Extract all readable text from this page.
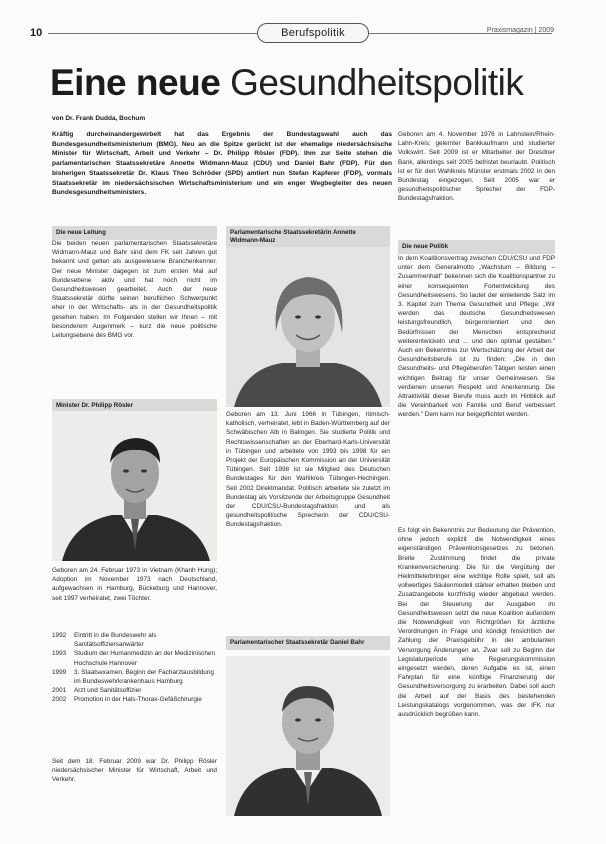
10	Berufspolitik	Praxismagazin | 2009
Eine neue Gesundheitspolitik
von Dr. Frank Dudda, Bochum
Kräftig durcheinandergewirbelt hat das Ergebnis der Bundestagswahl auch das Bundesgesundheitsministerium (BMG). Neu an die Spitze gerückt ist der ehemalige niedersächsische Minister für Wirtschaft, Arbeit und Verkehr – Dr. Philipp Rösler (FDP). Ihm zur Seite stehen die parlamentarischen Staatssekretäre Annette Widmann-Mauz (CDU) und Daniel Bahr (FDP). Für den bisherigen Staatssekretär Dr. Klaus Theo Schröder (SPD) amtiert nun Stefan Kapferer (FDP), vormals Staatssekretär im niedersächsischen Wirtschaftsministerium und ein enger Wegbegleiter des neuen Bundesgesundheitsministers.
Die neue Leitung
Die beiden neuen parlamentarischen Staatssekretäre Widmann-Mauz und Bahr sind dem FK seit Jahren gut bekannt und gelten als ausgewiesene Branchenkenner. Der neue Minister dagegen ist zum ersten Mal auf Bundesebene aktiv und hat noch nicht im Gesundheitswesen gearbeitet. Auch der neue Staatssekretär dürfte seinen beruflichen Schwerpunkt eher in der Wirtschafts- als in der Gesundheitspolitik gesehen haben. Im Folgenden stellen wir Ihnen – mit besonderem Augenmerk – kurz die neue politische Leitungsebene des BMG vor.
Minister Dr. Philipp Rösler
Geboren am 24. Februar 1973 in Vietnam (Khanh Hung); Adoption im November 1973 nach Deutschland, aufgewachsen in Hamburg, Bückeburg und Hannover, seit 1997 verheiratet, zwei Töchter.
1992	Eintritt in die Bundeswehr als Sanitätsoffiziersanwärter
1993	Studium der Humanmedizin an der Medizinischen Hochschule Hannover
1999	3. Staatsexamen, Beginn der Facharztausbildung im Bundeswehrkrankenhaus Hamburg
2001	Arzt und Sanitätsoffizier
2002	Promotion in der Hals-Thorax-Gefäßchirurgie
Seit dem 18. Februar 2009 war Dr. Philipp Rösler niedersächsischer Minister für Wirtschaft, Arbeit und Verkehr.
Parlamentarische Staatssekretärin Annette Widmann-Mauz
Geboren am 13. Juni 1966 in Tübingen, römisch-katholisch, verheiratet, lebt in Baden-Württemberg auf der Schwäbischen Alb in Balingen. Sie studierte Politik und Rechtswissenschaften an der Eberhard-Karls-Universität in Tübingen und arbeitete von 1993 bis 1998 für ein Projekt der Europäischen Kommission an der Universität Tübingen. Seit 1998 ist sie Mitglied des Deutschen Bundestages für den Wahlkreis Tübingen-Hechingen. Seit 2002 Direktmandat. Politisch arbeitete sie zuletzt im Bundestag als Vorsitzende der Arbeitsgruppe Gesundheit der CDU/CSU-Bundestagsfraktion und als gesundheitspolitische Sprecherin der CDU/CSU-Bundestagsfraktion.
Parlamentarischer Staatssekretär Daniel Bahr
Geboren am 4. November 1976 in Lahnstein/Rhein-Lahn-Kreis; gelernter Bankkaufmann und studierter Volkswirt. Seit 2009 ist er Mitarbeiter der Dresdner Bank, allerdings seit 2005 befristet beurlaubt. Politisch ist er für den Wahlkreis Münster erstmals 2002 in den Bundestag eingezogen. Seit 2005 war er gesundheitspolitischer Sprecher der FDP-Bundestagsfraktion.
Die neue Politik
In dem Koalitionsvertrag zwischen CDU/CSU und FDP unter dem Generalmotto „Wachstum – Bildung – Zusammenhalt" bekennen sich die Koalitionspartner zu einer konsequenten Fortentwicklung des Gesundheitswesens. So lautet der einleitende Satz im 3. Kapitel zum Thema Gesundheit und Pflege: „Wir werden das deutsche Gesundheitswesen leistungsfreundlich, bürgerorientiert und den Bedürfnissen der Menschen entsprechend weiterentwickeln und ... und den optimal gestalten." Auch ein Bekenntnis zur Wertschätzung der Arbeit der Gesundheitsberufe ist zu finden: „Die in den Gesundheits- und Pflegeberufen Tätigen leisten einen wichtigen Beitrag für unser Gemeinwesen. Sie verdienen unseren Respekt und Anerkennung. Die Attraktivität dieser Berufe muss auch im Hinblick auf die Vereinbarkeit von Familie und Beruf verbessert werden." Dem kann nur beigepflichtet werden.
Es folgt ein Bekenntnis zur Bedeutung der Prävention, ohne jedoch explizit die Notwendigkeit eines eigenständigen Präventionsgesetzes zu betonen. Breite Zustimmung findet die private Krankenversicherung: Die für die Vergütung der Heilmittelerbringer eine wichtige Rolle spielt, soll als vollwertiges Säulenmodell stärker erhalten bleiben und Zusatzangebote kurzfristig wieder abgebaut werden. Bei der Steuerung der Ausgaben im Gesundheitswesen setzt die neue Koalition außerdem die Notwendigkeit von Richtgrößen für ärztliche Verordnungen in Frage und kündigt hinsichtlich der Zahlung der Praxisgebühr in der ambulanten Versorgung Änderungen an. Zwar soll zu Beginn der Legislaturperiode eine Regierungskommission eingesetzt werden, deren Aufgabe es ist, einen Fahrplan für eine künftige Finanzierung der Gesundheitsversorgung zu erarbeiten. Dabei soll auch die Arbeit auf der Basis des bestehenden Leistungskatalogs vorgenommen, was der IFK nur ausdrücklich begrüßen kann.
